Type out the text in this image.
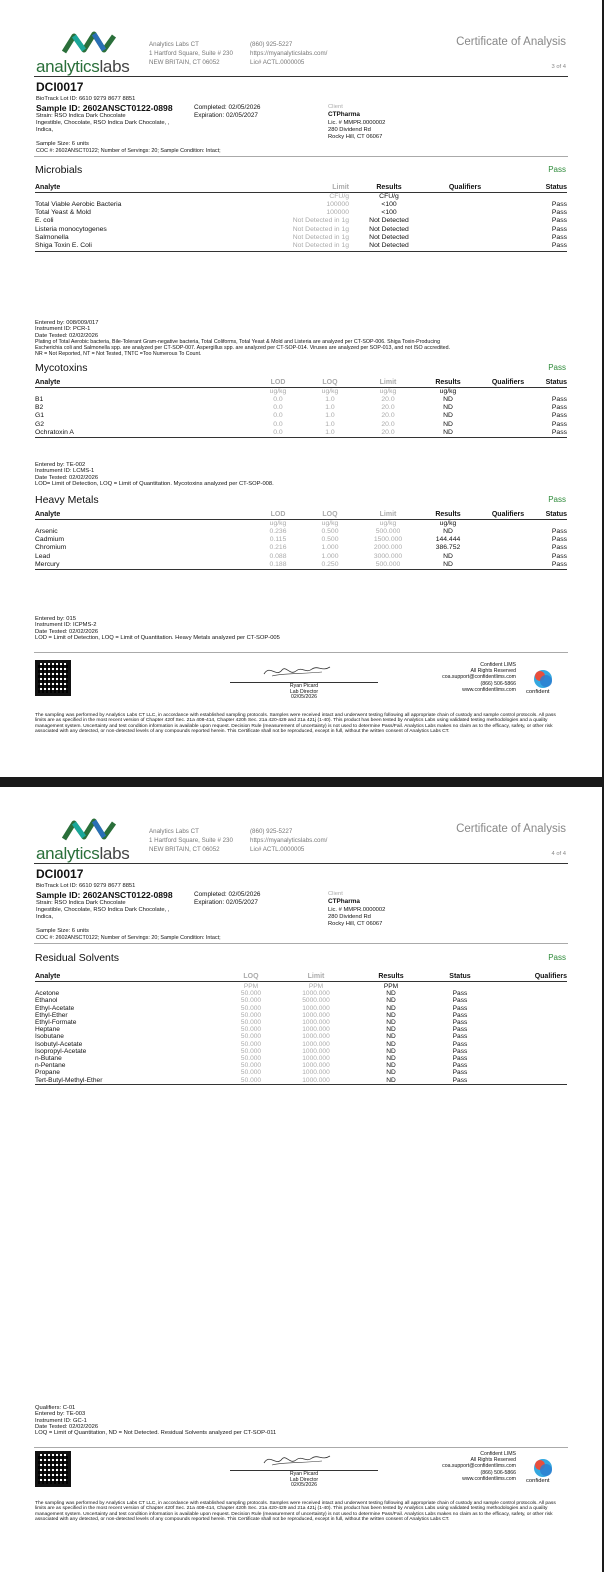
analyticslabs
Analytics Labs CT
1 Hartford Square, Suite # 230
NEW BRITAIN, CT 06052
(860) 925-5227
https://myanalyticslabs.com/
Lic# ACTL.0000005
Certificate of Analysis
3 of 4
DCI0017
BioTrack Lot ID: 6610 9279 8677 8851
Sample ID: 2602ANSCT0122-0898	Completed: 02/05/2026
Expiration: 02/05/2027
Strain: RSO Indica Dark Chocolate
Ingestible, Chocolate, RSO Indica Dark Chocolate, ,
Indica,
Sample Size: 6 units
COC #: 2602ANSCT0122; Number of Servings: 20; Sample Condition: Intact;
Client
CTPharma
Lic. # MMPR.0000002
280 Dividend Rd
Rocky Hill, CT 06067
Microbials	Pass
Analyte	Limit	Results	Qualifiers	Status
	CFU/g	CFU/g		
Total Viable Aerobic Bacteria	100000	<100		Pass
Total Yeast & Mold	100000	<100		Pass
E. coli	Not Detected in 1g	Not Detected		Pass
Listeria monocytogenes	Not Detected in 1g	Not Detected		Pass
Salmonella	Not Detected in 1g	Not Detected		Pass
Shiga Toxin E. Coli	Not Detected in 1g	Not Detected		Pass
Entered by: 008/009/017
Instrument ID: PCR-1
Date Tested: 02/02/2026
Plating of Total Aerobic bacteria, Bile-Tolerant Gram-negative bacteria, Total Coliforms, Total Yeast & Mold and Listeria are analyzed per CT-SOP-006. Shiga Toxin-Producing
Escherichia coli and Salmonella spp. are analyzed per CT-SOP-007. Aspergillus spp. are analyzed per CT-SOP-014. Viruses are analyzed per SOP-013, and not ISO accredited.
NR = Not Reported, NT = Not Tested, TNTC =Too Numerous To Count.
Mycotoxins	Pass
Analyte	LOD	LOQ	Limit	Results	Qualifiers	Status
	ug/kg	ug/kg	ug/kg	ug/kg		
B1	0.0	1.0	20.0	ND		Pass
B2	0.0	1.0	20.0	ND		Pass
G1	0.0	1.0	20.0	ND		Pass
G2	0.0	1.0	20.0	ND		Pass
Ochratoxin A	0.0	1.0	20.0	ND		Pass
Entered by: TE-002
Instrument ID: LCMS-1
Date Tested: 02/02/2026
LOD= Limit of Detection, LOQ = Limit of Quantitation. Mycotoxins analyzed per CT-SOP-008.
Heavy Metals	Pass
Analyte	LOD	LOQ	Limit	Results	Qualifiers	Status
	ug/kg	ug/kg	ug/kg	ug/kg		
Arsenic	0.236	0.500	500.000	ND		Pass
Cadmium	0.115	0.500	1500.000	144.444		Pass
Chromium	0.216	1.000	2000.000	386.752		Pass
Lead	0.088	1.000	3000.000	ND		Pass
Mercury	0.188	0.250	500.000	ND		Pass
Entered by: 015
Instrument ID: ICPMS-2
Date Tested: 02/02/2026
LOD = Limit of Detection, LOQ = Limit of Quantitation. Heavy Metals analyzed per CT-SOP-005
Ryan Picard
Lab Director
02/05/2026
Confident LIMS
All Rights Reserved
coa.support@confidentlims.com
(866) 506-5866
www.confidentlims.com confident
The sampling was performed by Analytics Labs CT LLC, in accordance with established sampling protocols. Samples were received intact and underwent testing following all appropriate chain of custody and sample control protocols. All pass limits are as specified in the most recent version of Chapter 420f Sec. 21a 408-414, Chapter 420h Sec. 21a 420-429 and 21a 421j (1-40). This product has been tested by Analytics Labs using validated testing methodologies and a quality management system. Uncertainty and test condition information is available upon request. Decision Rule (measurement of uncertainty) is not used to determine Pass/Fail. Analytics Labs makes no claim as to the efficacy, safety, or other risk associated with any detected, or non-detected levels of any compounds reported herein. This Certificate shall not be reproduced, except in full, without the written consent of Analytics Labs CT.
analyticslabs
Analytics Labs CT
1 Hartford Square, Suite # 230
NEW BRITAIN, CT 06052
(860) 925-5227
https://myanalyticslabs.com/
Lic# ACTL.0000005
Certificate of Analysis
4 of 4
DCI0017
BioTrack Lot ID: 6610 9279 8677 8851
Sample ID: 2602ANSCT0122-0898	Completed: 02/05/2026
Expiration: 02/05/2027
Strain: RSO Indica Dark Chocolate
Ingestible, Chocolate, RSO Indica Dark Chocolate, ,
Indica,
Sample Size: 6 units
COC #: 2602ANSCT0122; Number of Servings: 20; Sample Condition: Intact;
Client
CTPharma
Lic. # MMPR.0000002
280 Dividend Rd
Rocky Hill, CT 06067
Residual Solvents	Pass
Analyte	LOQ	Limit	Results	Status	Qualifiers
	PPM	PPM	PPM		
Acetone	50.000	1000.000	ND	Pass	
Ethanol	50.000	5000.000	ND	Pass	
Ethyl-Acetate	50.000	1000.000	ND	Pass	
Ethyl-Ether	50.000	1000.000	ND	Pass	
Ethyl-Formate	50.000	1000.000	ND	Pass	
Heptane	50.000	1000.000	ND	Pass	
Isobutane	50.000	1000.000	ND	Pass	
Isobutyl-Acetate	50.000	1000.000	ND	Pass	
Isopropyl-Acetate	50.000	1000.000	ND	Pass	
n-Butane	50.000	1000.000	ND	Pass	
n-Pentane	50.000	1000.000	ND	Pass	
Propane	50.000	1000.000	ND	Pass	
Tert-Butyl-Methyl-Ether	50.000	1000.000	ND	Pass	
Qualifiers: C-01
Entered by: TE-003
Instrument ID: GC-1
Date Tested: 02/02/2026
LOQ = Limit of Quantitation, ND = Not Detected. Residual Solvents analyzed per CT-SOP-011
Ryan Picard
Lab Director
02/05/2026
Confident LIMS
All Rights Reserved
coa.support@confidentlims.com
(866) 506-5866
www.confidentlims.com confident
The sampling was performed by Analytics Labs CT LLC, in accordance with established sampling protocols. Samples were received intact and underwent testing following all appropriate chain of custody and sample control protocols. All pass limits are as specified in the most recent version of Chapter 420f Sec. 21a 408-414, Chapter 420h Sec. 21a 420-429 and 21a 421j (1-40). This product has been tested by Analytics Labs using validated testing methodologies and a quality management system. Uncertainty and test condition information is available upon request. Decision Rule (measurement of uncertainty) is not used to determine Pass/Fail. Analytics Labs makes no claim as to the efficacy, safety, or other risk associated with any detected, or non-detected levels of any compounds reported herein. This Certificate shall not be reproduced, except in full, without the written consent of Analytics Labs CT.
